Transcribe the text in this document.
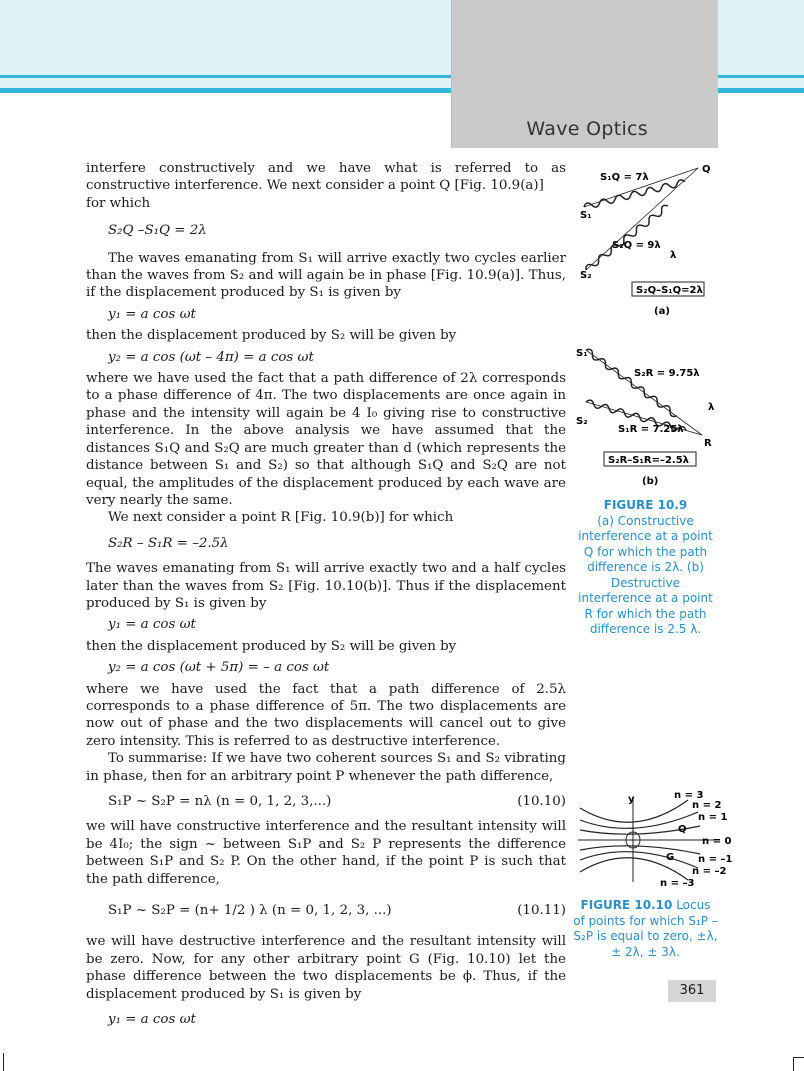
Wave Optics

interfere constructively and we have what is referred to as constructive interference. We next consider a point Q [Fig. 10.9(a)]

for which

S₂Q –S₁Q = 2λ

The waves emanating from S₁ will arrive exactly two cycles earlier than the waves from S₂ and will again be in phase [Fig. 10.9(a)]. Thus, if the displacement produced by S₁ is given by

y₁ = a cos ωt

then the displacement produced by S₂ will be given by

y₂ = a cos (ωt – 4π) = a cos ωt

where we have used the fact that a path difference of 2λ corresponds to a phase difference of 4π. The two displacements are once again in phase and the intensity will again be 4 I₀ giving rise to constructive interference. In the above analysis we have assumed that the distances S₁Q and S₂Q are much greater than d (which represents the distance between S₁ and S₂) so that although S₁Q and S₂Q are not equal, the amplitudes of the displacement produced by each wave are very nearly the same.

We next consider a point R [Fig. 10.9(b)] for which

S₂R – S₁R = –2.5λ

The waves emanating from S₁ will arrive exactly two and a half cycles later than the waves from S₂ [Fig. 10.10(b)]. Thus if the displacement produced by S₁ is given by

y₁ = a cos ωt

then the displacement produced by S₂ will be given by

y₂ = a cos (ωt + 5π) = – a cos ωt

where we have used the fact that a path difference of 2.5λ corresponds to a phase difference of 5π. The two displacements are now out of phase and the two displacements will cancel out to give zero intensity. This is referred to as destructive interference.

To summarise: If we have two coherent sources S₁ and S₂ vibrating in phase, then for an arbitrary point P whenever the path difference,

S₁P ~ S₂P = nλ (n = 0, 1, 2, 3,...)	(10.10)

we will have constructive interference and the resultant intensity will be 4I₀; the sign ~ between S₁P and S₂ P represents the difference between S₁P and S₂ P. On the other hand, if the point P is such that the path difference,

S₁P ~ S₂P = (n+ 1/2 ) λ (n = 0, 1, 2, 3, ...)	(10.11)

we will have destructive interference and the resultant intensity will be zero. Now, for any other arbitrary point G (Fig. 10.10) let the phase difference between the two displacements be ϕ. Thus, if the displacement produced by S₁ is given by

y₁ = a cos ωt
S₁
S₂
Q
S₁Q = 7λ
S₂Q = 9λ
λ
S₂Q–S₁Q=2λ
(a)
S₁
S₂
R
S₂R = 9.75λ
S₁R = 7.25λ
λ
S₂R–S₁R=–2.5λ
(b)
FIGURE 10.9
(a) Constructive interference at a point Q for which the path difference is 2λ. (b) Destructive interference at a point R for which the path difference is 2.5 λ.
y
Q
G
n = 3
n = 2
n = 1
n = 0
n = –1
n = –2
n = –3
FIGURE 10.10 Locus of points for which S₁P – S₂P is equal to zero, ±λ, ± 2λ, ± 3λ.
361
